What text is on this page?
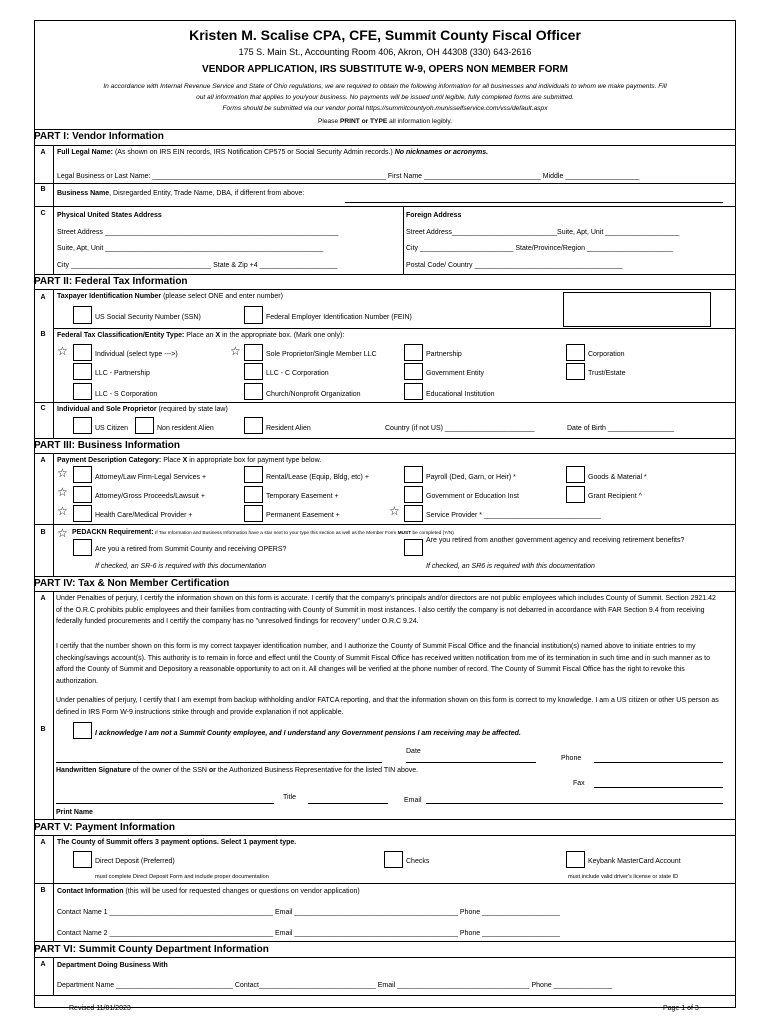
Kristen M. Scalise CPA, CFE, Summit County Fiscal Officer
175 S. Main St., Accounting Room 406, Akron, OH 44308 (330) 643-2616
VENDOR APPLICATION, IRS SUBSTITUTE W-9, OPERS NON MEMBER FORM
In accordance with Internal Revenue Service and State of Ohio regulations, we are required to obtain the following information for all businesses and individuals to whom we make payments. Fill
out all information that applies to you/your business. No payments will be issued until legible, fully completed forms are submitted.
Forms should be submitted via our vendor portal https://summitcountyoh.munisselfservice.com/vss/default.aspx
Please PRINT or TYPE all information legibly.
PART I: Vendor Information
A	Full Legal Name: (As shown on IRS EIN records, IRS Notification CP575 or Social Security Admin records.) No nicknames or acronyms.
Legal Business or Last Name: ____________________________________________________________ First Name ______________________________ Middle ___________________
B
Business Name, Disregarded Entity, Trade Name, DBA, if different from above:
C	Physical United States Address	Foreign Address
Street Address ____________________________________________________________	Street Address___________________________Suite, Apt, Unit ___________________
Suite, Apt, Unit ________________________________________________________	City ________________________ State/Province/Region ______________________
City ____________________________________ State & Zip +4 ____________________	Postal Code/ Country ______________________________________
PART II: Federal Tax Information
A	Taxpayer Identification Number (please select ONE and enter number)
US Social Security Number (SSN)	Federal Employer Identification Number (FEIN)
B	Federal Tax Classification/Entity Type: Place an X in the appropriate box. (Mark one only):
☆	Individual (select type --->)	☆	Sole Proprietor/Single Member LLC	Partnership	Corporation
LLC - Partnership	LLC - C Corporation	Government Entity	Trust/Estate
LLC - S Corporation	Church/Nonprofit Organization	Educational Institution
C	Individual and Sole Proprietor (required by state law)
US Citizen	Non resident Alien	Resident Alien	Country (if not US) _______________________	Date of Birth _________________
PART III: Business Information
A	Payment Description Category: Place X in appropriate box for payment type below.
☆	Attorney/Law Firm-Legal Services +	Rental/Lease (Equip, Bldg, etc) +	Payroll (Ded, Garn, or Heir) *	Goods & Material *
☆	Attorney/Gross Proceeds/Lawsuit +	Temporary Easement +	Government or Education Inst	Grant Recipient ^
☆	Health Care/Medical Provider +	Permanent Easement +	☆	Service Provider * ______________________________
B ☆ PEDACKN Requirement: If Tax Information and Business Information have a star next to your type this section as well as the Member Form MUST be completed (Y/N)
Are you a retired from Summit County and receiving OPERS?
Are you retired from another government agency and receiving retirement benefits?
If checked, an SR-6 is required with this documentation	If checked, an SR6 is required with this documentation
PART IV: Tax & Non Member Certification
A	Under Penalties of perjury, I certify the information shown on this form is accurate. I certify that the company's principals and/or directors are not public employees which includes County of Summit. Section 2921.42 of the O.R.C prohibits public employees and their families from contracting with County of Summit in most instances. I also certify the company is not debarred in accordance with FAR Section 9.4 from receiving federally funded procurements and I certify the company has no "unresolved findings for recovery" under O.R.C 9.24.
I certify that the number shown on this form is my correct taxpayer identification number, and I authorize the County of Summit Fiscal Office and the financial institution(s) named above to initiate entries to my checking/savings account(s). This authority is to remain in force and effect until the County of Summit Fiscal Office has received written notification from me of its termination in such time and in such manner as to afford the County of Summit and Depository a reasonable opportunity to act on it. All changes will be verified at the phone number of record. The County of Summit Fiscal Office has the right to revoke this authorization.
Under penalties of perjury, I certify that I am exempt from backup withholding and/or FATCA reporting, and that the information shown on this form is correct to my knowledge. I am a US citizen or other US person as defined in IRS Form W-9 instructions strike through and provide explanation if not applicable.
B
I acknowledge I am not a Summit County employee, and I understand any Government pensions I am receiving may be affected.
Date
Phone
Handwritten Signature of the owner of the SSN or the Authorized Business Representative for the listed TIN above.
Fax
Title	Email
Print Name
PART V: Payment Information
A	The County of Summit offers 3 payment options. Select 1 payment type.
Direct Deposit (Preferred)	Checks	Keybank MasterCard Account
must complete Direct Deposit Form and include proper documentation	must include valid driver's license or state ID
B	Contact Information (this will be used for requested changes or questions on vendor application)
Contact Name 1 __________________________________________ Email __________________________________________ Phone ____________________
Contact Name 2 __________________________________________ Email __________________________________________ Phone ____________________
PART VI: Summit County Department Information
A	Department Doing Business With
Department Name ______________________________ Contact______________________________ Email __________________________________ Phone _______________
Revised 11/01/2023	Page 1 of 3
